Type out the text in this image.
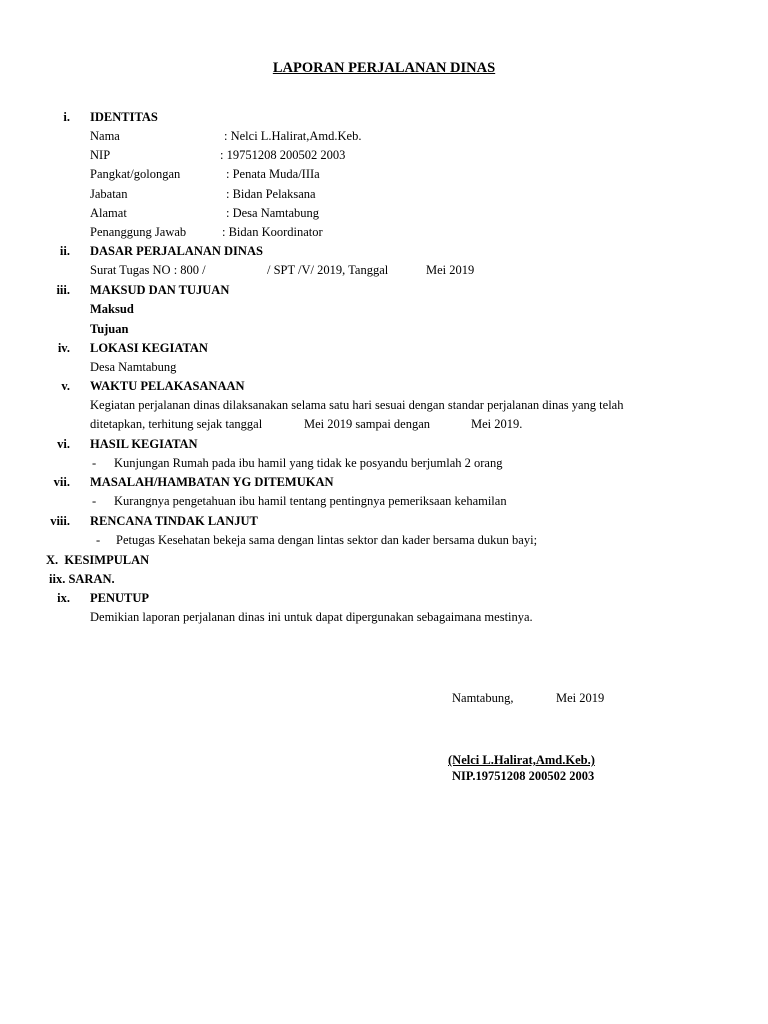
LAPORAN PERJALANAN DINAS
i. IDENTITAS
Nama	: Nelci L.Halirat,Amd.Keb.
NIP	: 19751208 200502 2003
Pangkat/golongan	: Penata Muda/IIIa
Jabatan	: Bidan Pelaksana
Alamat	: Desa Namtabung
Penanggung Jawab	: Bidan Koordinator
ii. DASAR PERJALANAN DINAS
Surat Tugas NO : 800 /	/ SPT /V/ 2019, Tanggal	Mei 2019
iii. MAKSUD DAN TUJUAN
Maksud
Tujuan
iv. LOKASI KEGIATAN
Desa Namtabung
v. WAKTU PELAKASANAAN
Kegiatan perjalanan dinas dilaksanakan selama satu hari sesuai dengan standar perjalanan dinas yang telah
ditetapkan, terhitung sejak tanggal	Mei 2019 sampai dengan	Mei 2019.
vi. HASIL KEGIATAN
- Kunjungan Rumah pada ibu hamil yang tidak ke posyandu berjumlah 2 orang
vii. MASALAH/HAMBATAN YG DITEMUKAN
- Kurangnya pengetahuan ibu hamil tentang pentingnya pemeriksaan kehamilan
viii. RENCANA TINDAK LANJUT
- Petugas Kesehatan bekeja sama dengan lintas sektor dan kader bersama dukun bayi;
X.  KESIMPULAN
iix. SARAN.
ix. PENUTUP
Demikian laporan perjalanan dinas ini untuk dapat dipergunakan sebagaimana mestinya.
Namtabung,	Mei 2019
(Nelci L.Halirat,Amd.Keb.)
NIP.19751208 200502 2003
